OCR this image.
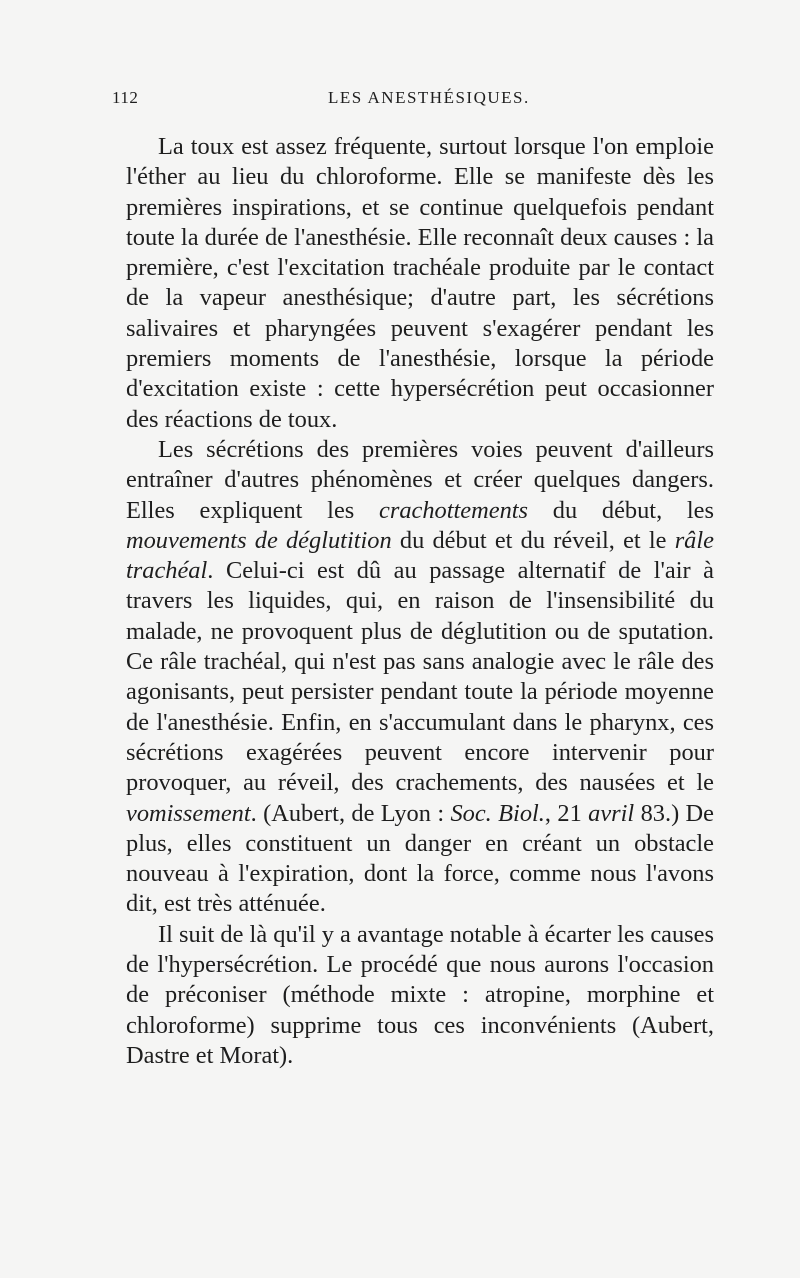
112	LES ANESTHÉSIQUES.

La toux est assez fréquente, surtout lorsque l'on emploie l'éther au lieu du chloroforme. Elle se manifeste dès les premières inspirations, et se continue quelquefois pendant toute la durée de l'anesthésie. Elle reconnaît deux causes : la première, c'est l'excitation trachéale produite par le contact de la vapeur anesthésique; d'autre part, les sécrétions salivaires et pharyngées peuvent s'exagérer pendant les premiers moments de l'anesthésie, lorsque la période d'excitation existe : cette hypersécrétion peut occasionner des réactions de toux.

Les sécrétions des premières voies peuvent d'ailleurs entraîner d'autres phénomènes et créer quelques dangers. Elles expliquent les crachottements du début, les mouvements de déglutition du début et du réveil, et le râle trachéal. Celui-ci est dû au passage alternatif de l'air à travers les liquides, qui, en raison de l'insensibilité du malade, ne provoquent plus de déglutition ou de sputation. Ce râle trachéal, qui n'est pas sans analogie avec le râle des agonisants, peut persister pendant toute la période moyenne de l'anesthésie. Enfin, en s'accumulant dans le pharynx, ces sécrétions exagérées peuvent encore intervenir pour provoquer, au réveil, des crachements, des nausées et le vomissement. (Aubert, de Lyon : Soc. Biol., 21 avril 83.) De plus, elles constituent un danger en créant un obstacle nouveau à l'expiration, dont la force, comme nous l'avons dit, est très atténuée.

Il suit de là qu'il y a avantage notable à écarter les causes de l'hypersécrétion. Le procédé que nous aurons l'occasion de préconiser (méthode mixte : atropine, morphine et chloroforme) supprime tous ces inconvénients (Aubert, Dastre et Morat).
